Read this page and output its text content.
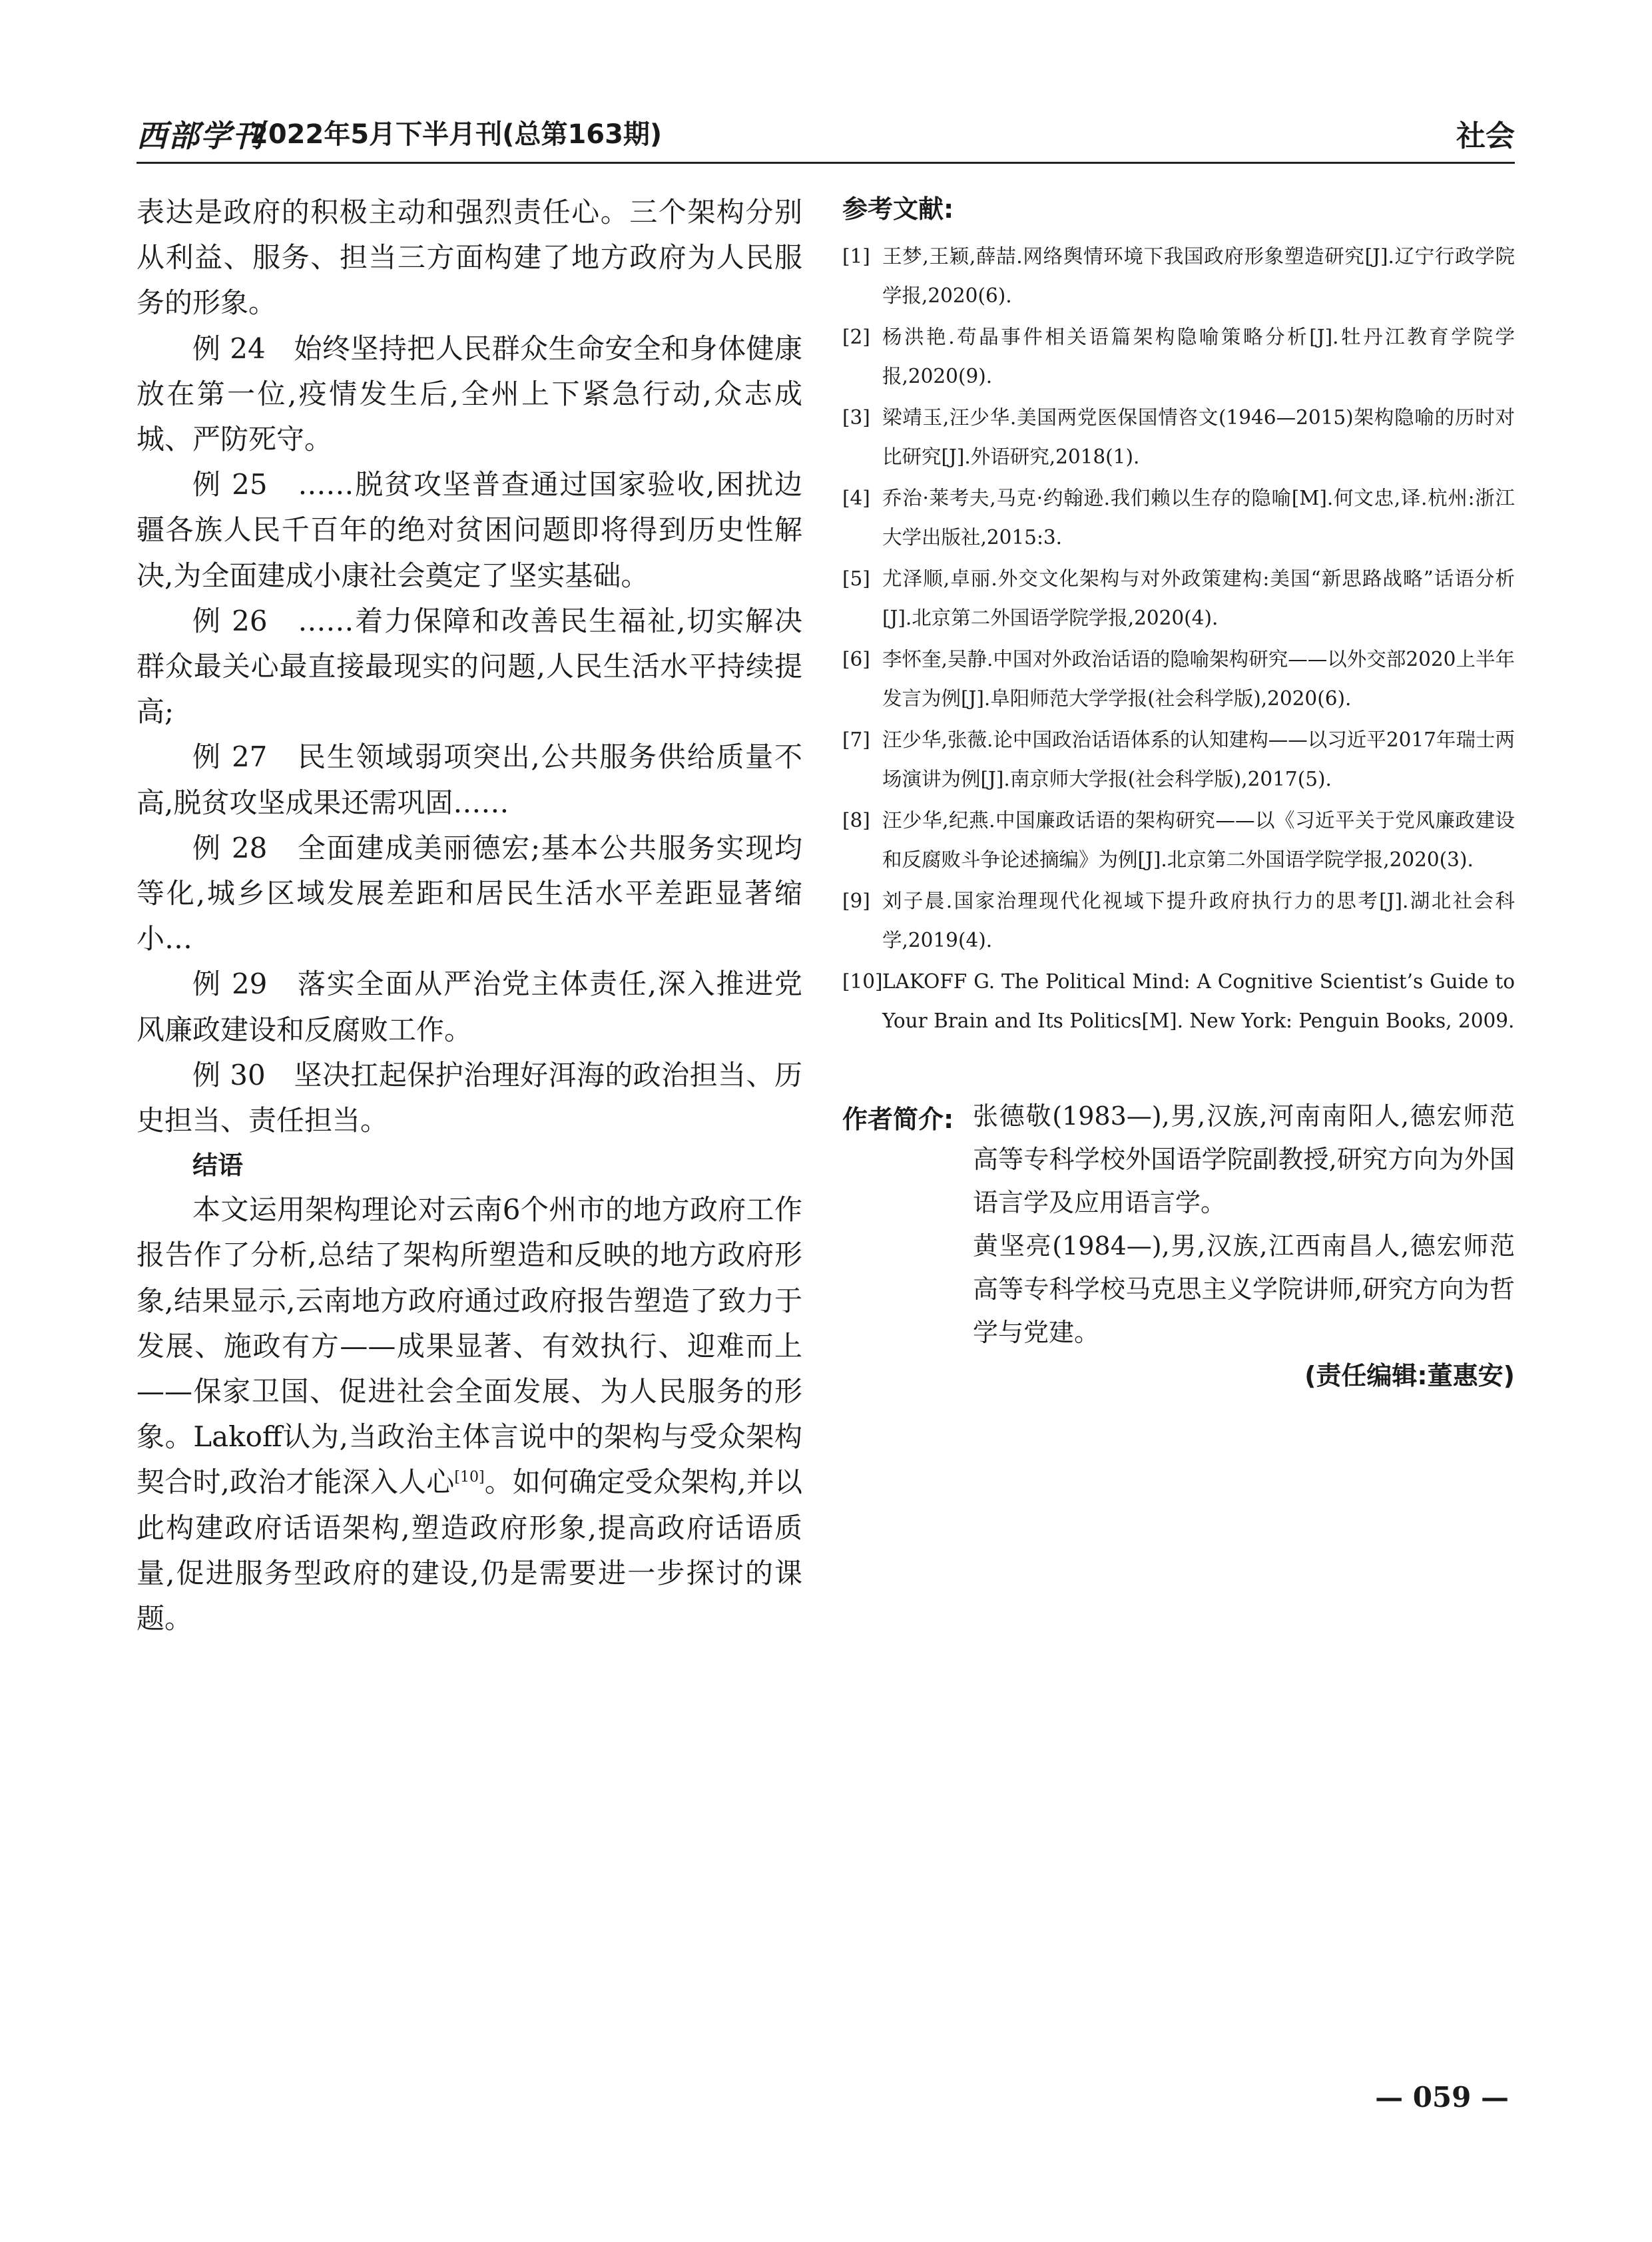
西部学刊
2022年5月下半月刊(总第163期)	社会

表达是政府的积极主动和强烈责任心。三个架构分别从利益、服务、担当三方面构建了地方政府为人民服务的形象。

例 24　始终坚持把人民群众生命安全和身体健康放在第一位,疫情发生后,全州上下紧急行动,众志成城、严防死守。

例 25　……脱贫攻坚普查通过国家验收,困扰边疆各族人民千百年的绝对贫困问题即将得到历史性解决,为全面建成小康社会奠定了坚实基础。

例 26　……着力保障和改善民生福祉,切实解决群众最关心最直接最现实的问题,人民生活水平持续提高;

例 27　民生领域弱项突出,公共服务供给质量不高,脱贫攻坚成果还需巩固……

例 28　全面建成美丽德宏;基本公共服务实现均等化,城乡区域发展差距和居民生活水平差距显著缩小…

例 29　落实全面从严治党主体责任,深入推进党风廉政建设和反腐败工作。

例 30　坚决扛起保护治理好洱海的政治担当、历史担当、责任担当。

结语

本文运用架构理论对云南6个州市的地方政府工作报告作了分析,总结了架构所塑造和反映的地方政府形象,结果显示,云南地方政府通过政府报告塑造了致力于发展、施政有方——成果显著、有效执行、迎难而上——保家卫国、促进社会全面发展、为人民服务的形象。Lakoff认为,当政治主体言说中的架构与受众架构契合时,政治才能深入人心[10]。如何确定受众架构,并以此构建政府话语架构,塑造政府形象,提高政府话语质量,促进服务型政府的建设,仍是需要进一步探讨的课题。

参考文献:
[1] 王梦,王颖,薛喆.网络舆情环境下我国政府形象塑造研究[J].辽宁行政学院学报,2020(6).
[2] 杨洪艳.苟晶事件相关语篇架构隐喻策略分析[J].牡丹江教育学院学报,2020(9).
[3] 梁靖玉,汪少华.美国两党医保国情咨文(1946—2015)架构隐喻的历时对比研究[J].外语研究,2018(1).
[4] 乔治·莱考夫,马克·约翰逊.我们赖以生存的隐喻[M].何文忠,译.杭州:浙江大学出版社,2015:3.
[5] 尤泽顺,卓丽.外交文化架构与对外政策建构:美国“新思路战略”话语分析[J].北京第二外国语学院学报,2020(4).
[6] 李怀奎,吴静.中国对外政治话语的隐喻架构研究——以外交部2020上半年发言为例[J].阜阳师范大学学报(社会科学版),2020(6).
[7] 汪少华,张薇.论中国政治话语体系的认知建构——以习近平2017年瑞士两场演讲为例[J].南京师大学报(社会科学版),2017(5).
[8] 汪少华,纪燕.中国廉政话语的架构研究——以《习近平关于党风廉政建设和反腐败斗争论述摘编》为例[J].北京第二外国语学院学报,2020(3).
[9] 刘子晨.国家治理现代化视域下提升政府执行力的思考[J].湖北社会科学,2019(4).
[10] LAKOFF G. The Political Mind: A Cognitive Scientist’s Guide to Your Brain and Its Politics[M]. New York: Penguin Books, 2009.
作者简介: 张德敬(1983—),男,汉族,河南南阳人,德宏师范高等专科学校外国语学院副教授,研究方向为外国语言学及应用语言学。

黄坚亮(1984—),男,汉族,江西南昌人,德宏师范高等专科学校马克思主义学院讲师,研究方向为哲学与党建。

(责任编辑:董惠安)
— 059 —
